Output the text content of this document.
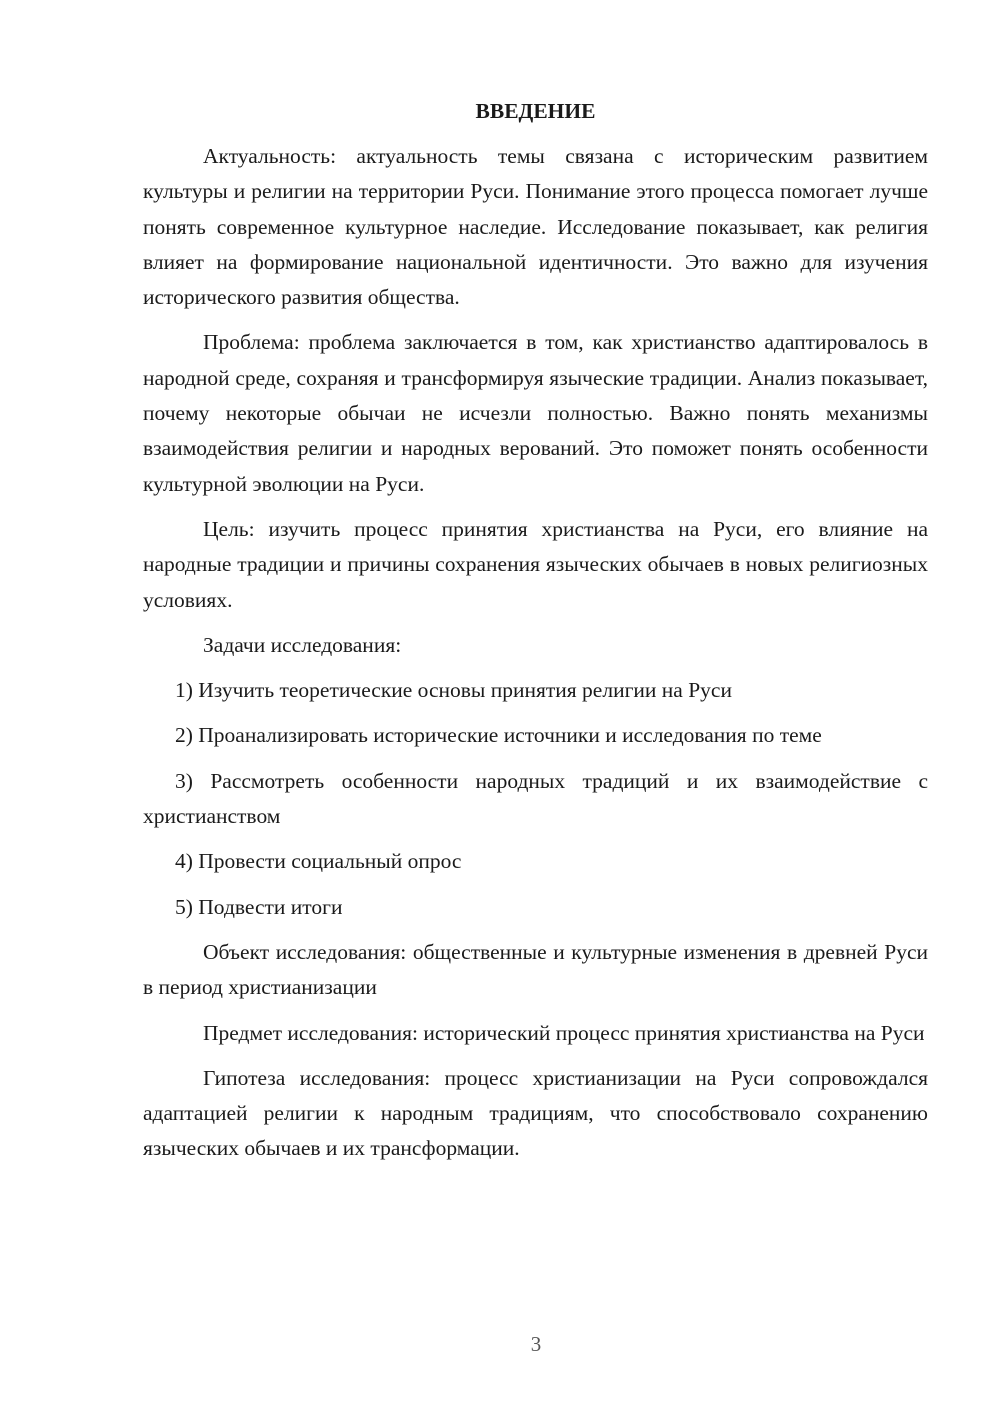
ВВЕДЕНИЕ

Актуальность: актуальность темы связана с историческим развитием культуры и религии на территории Руси. Понимание этого процесса помогает лучше понять современное культурное наследие. Исследование показывает, как религия влияет на формирование национальной идентичности. Это важно для изучения исторического развития общества.

Проблема: проблема заключается в том, как христианство адаптировалось в народной среде, сохраняя и трансформируя языческие традиции. Анализ показывает, почему некоторые обычаи не исчезли полностью. Важно понять механизмы взаимодействия религии и народных верований. Это поможет понять особенности культурной эволюции на Руси.

Цель: изучить процесс принятия христианства на Руси, его влияние на народные традиции и причины сохранения языческих обычаев в новых религиозных условиях.

Задачи исследования:

1) Изучить теоретические основы принятия религии на Руси

2) Проанализировать исторические источники и исследования по теме

3) Рассмотреть особенности народных традиций и их взаимодействие с христианством

4) Провести социальный опрос

5) Подвести итоги

Объект исследования: общественные и культурные изменения в древней Руси в период христианизации

Предмет исследования: исторический процесс принятия христианства на Руси

Гипотеза исследования: процесс христианизации на Руси сопровождался адаптацией религии к народным традициям, что способствовало сохранению языческих обычаев и их трансформации.

3
